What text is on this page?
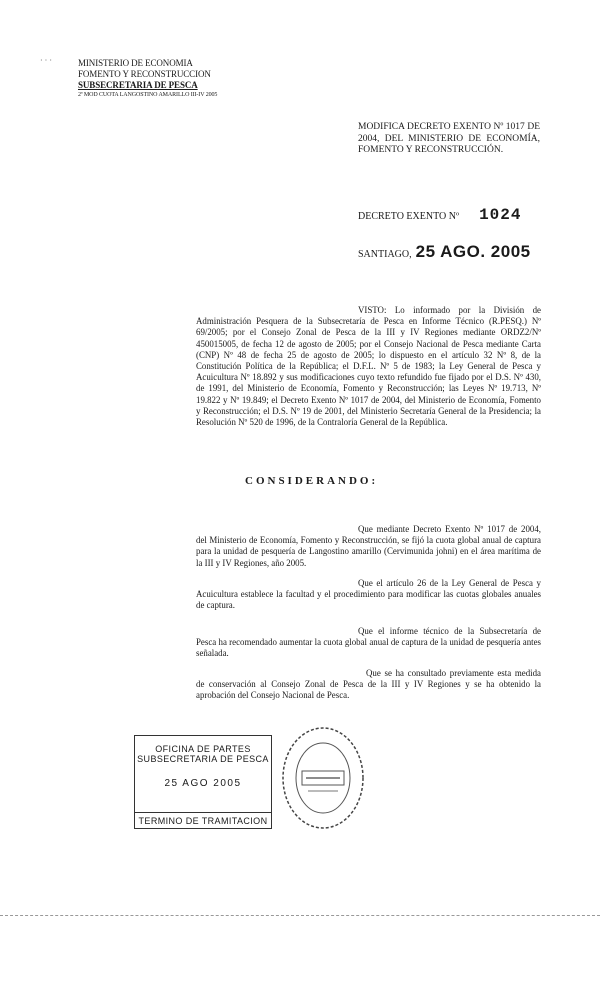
· · ·	MINISTERIO DE ECONOMIA
FOMENTO Y RECONSTRUCCION
SUBSECRETARIA DE PESCA
2ª MOD CUOTA LANGOSTINO AMARILLO III-IV 2005
MODIFICA DECRETO EXENTO Nº 1017 DE 2004, DEL MINISTERIO DE ECONOMÍA, FOMENTO Y RECONSTRUCCIÓN.
DECRETO EXENTO Nº 1024
SANTIAGO, 25 AGO. 2005
VISTO: Lo informado por la División de Administración Pesquera de la Subsecretaría de Pesca en Informe Técnico (R.PESQ.) Nº 69/2005; por el Consejo Zonal de Pesca de la III y IV Regiones mediante ORDZ2/Nº 450015005, de fecha 12 de agosto de 2005; por el Consejo Nacional de Pesca mediante Carta (CNP) Nº 48 de fecha 25 de agosto de 2005; lo dispuesto en el artículo 32 Nº 8, de la Constitución Política de la República; el D.F.L. Nº 5 de 1983; la Ley General de Pesca y Acuicultura Nº 18.892 y sus modificaciones cuyo texto refundido fue fijado por el D.S. Nº 430, de 1991, del Ministerio de Economía, Fomento y Reconstrucción; las Leyes Nº 19.713, Nº 19.822 y Nº 19.849; el Decreto Exento Nº 1017 de 2004, del Ministerio de Economía, Fomento y Reconstrucción; el D.S. Nº 19 de 2001, del Ministerio Secretaría General de la Presidencia; la Resolución Nº 520 de 1996, de la Contraloría General de la República.
CONSIDERANDO:
Que mediante Decreto Exento Nº 1017 de 2004, del Ministerio de Economía, Fomento y Reconstrucción, se fijó la cuota global anual de captura para la unidad de pesquería de Langostino amarillo (Cervimunida johni) en el área marítima de la III y IV Regiones, año 2005.
Que el artículo 26 de la Ley General de Pesca y Acuicultura establece la facultad y el procedimiento para modificar las cuotas globales anuales de captura.
Que el informe técnico de la Subsecretaría de Pesca ha recomendado aumentar la cuota global anual de captura de la unidad de pesquería antes señalada.
Que se ha consultado previamente esta medida de conservación al Consejo Zonal de Pesca de la III y IV Regiones y se ha obtenido la aprobación del Consejo Nacional de Pesca.
OFICINA DE PARTES
SUBSECRETARIA DE PESCA
25 AGO 2005
TERMINO DE TRAMITACION
